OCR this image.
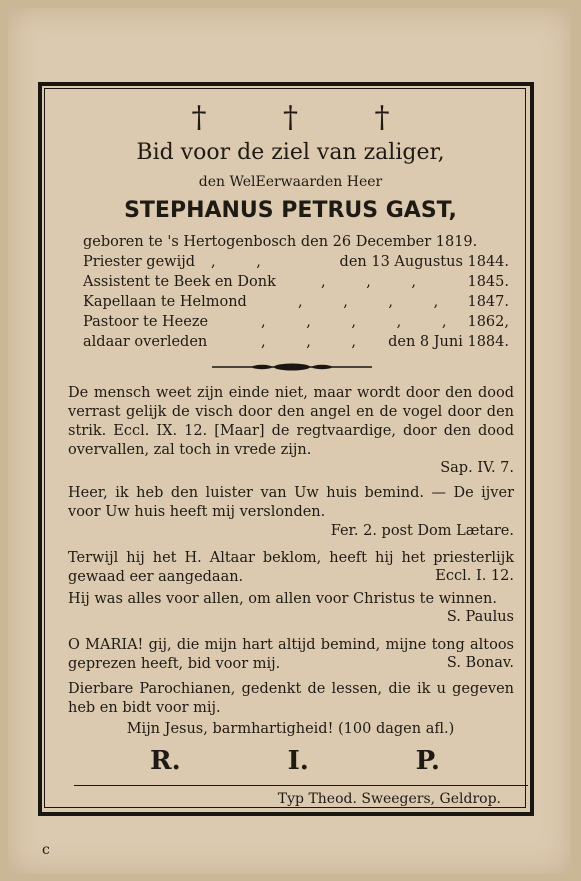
†	†	†
Bid voor de ziel van zaliger,
den WelEerwaarden Heer
STEPHANUS PETRUS GAST,
geboren te 's Hertogenbosch den 26 December 1819.
Priester gewijd , ,	den 13 Augustus 1844.
Assistent te Beek en Donk	, , , 1845.
Kapellaan te Helmond	, , , , 1847.
Pastoor te Heeze	, , , , , 1862,
aldaar overleden	, , , den 8 Juni 1884.
De mensch weet zijn einde niet, maar wordt door den dood verrast gelijk de visch door den angel en de vogel door den strik. Eccl. IX. 12. [Maar] de regtvaardige, door den dood overvallen, zal toch in vrede zijn.
Sap. IV. 7.
Heer, ik heb den luister van Uw huis bemind. — De ijver voor Uw huis heeft mij verslonden.
Fer. 2. post Dom Lætare.
Terwijl hij het H. Altaar beklom, heeft hij het priesterlijk gewaad eer aangedaan.	Eccl. I. 12.
Hij was alles voor allen, om allen voor Christus te winnen.
S. Paulus
O MARIA! gij, die mijn hart altijd bemind, mijne tong altoos geprezen heeft, bid voor mij.	S. Bonav.
Dierbare Parochianen, gedenkt de lessen, die ik u gegeven heb en bidt voor mij.
Mijn Jesus, barmhartigheid! (100 dagen afl.)
R.	I.	P.
Typ Theod. Sweegers, Geldrop.
c
